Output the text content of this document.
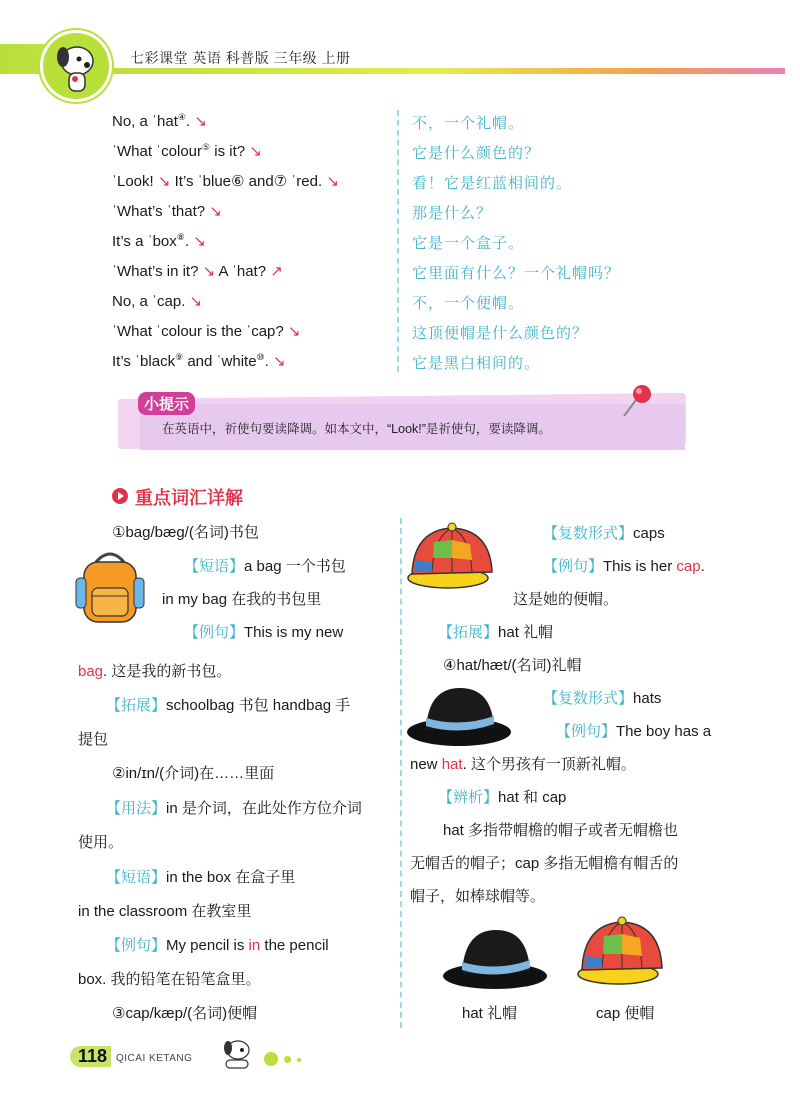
七彩课堂 英语 科普版 三年级 上册
No, a ˈhat④. ↘	不，一个礼帽。
ˈWhat ˈcolour⑤ is it? ↘	它是什么颜色的？
ˈLook! ↘ It’s ˈblue⑥ and⑦ ˈred. ↘	看！它是红蓝相间的。
ˈWhat’s ˈthat? ↘	那是什么？
It’s a ˈbox⑧. ↘	它是一个盒子。
ˈWhat’s in it? ↘ A ˈhat? ↗	它里面有什么？一个礼帽吗？
No, a ˈcap. ↘	不，一个便帽。
ˈWhat ˈcolour is the ˈcap? ↘	这顶便帽是什么颜色的？
It’s ˈblack⑨ and ˈwhite⑩. ↘	它是黑白相间的。
小提示
在英语中，祈使句要读降调。如本文中，“Look!”是祈使句，要读降调。
重点词汇详解
①bag/bæg/(名词)书包
【短语】a bag 一个书包
in my bag 在我的书包里
【例句】This is my new
bag. 这是我的新书包。
【拓展】schoolbag 书包 handbag 手
提包
②in/ɪn/(介词)在……里面
【用法】in 是介词，在此处作方位介词
使用。
【短语】in the box 在盒子里
in the classroom 在教室里
【例句】My pencil is in the pencil
box. 我的铅笔在铅笔盒里。
③cap/kæp/(名词)便帽
【复数形式】caps
【例句】This is her cap.
这是她的便帽。
【拓展】hat 礼帽
④hat/hæt/(名词)礼帽
【复数形式】hats
【例句】The boy has a
new hat. 这个男孩有一顶新礼帽。
【辨析】hat 和 cap
hat 多指带帽檐的帽子或者无帽檐也
无帽舌的帽子；cap 多指无帽檐有帽舌的
帽子，如棒球帽等。
hat 礼帽	cap 便帽
118 QICAI KETANG
